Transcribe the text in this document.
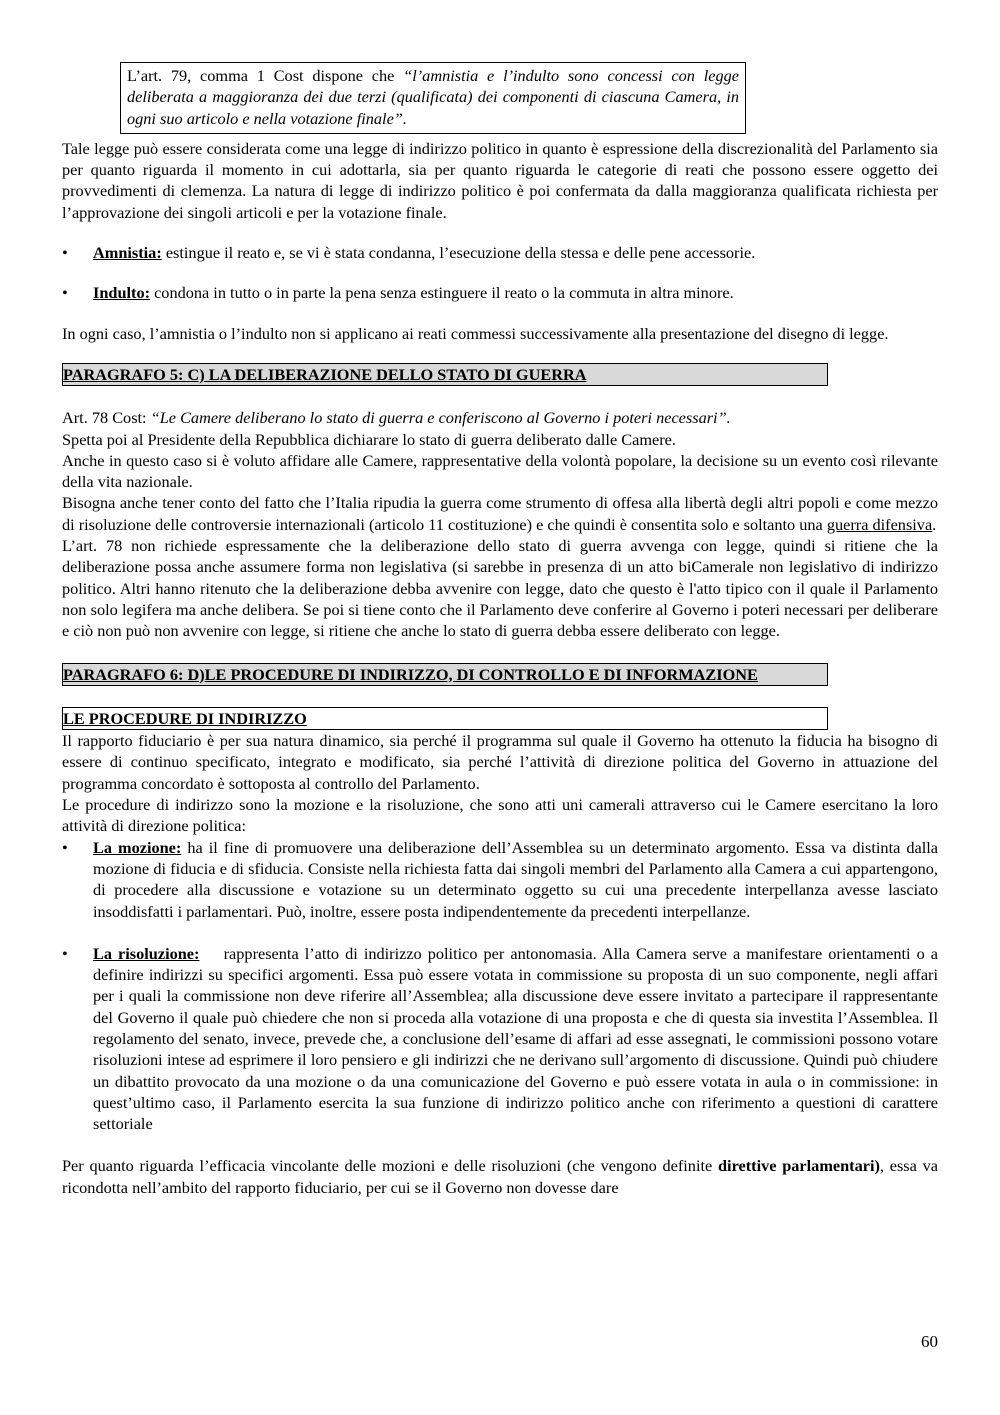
L’art. 79, comma 1 Cost dispone che “l’amnistia e l’indulto sono concessi con legge deliberata a maggioranza dei due terzi (qualificata) dei componenti di ciascuna Camera, in ogni suo articolo e nella votazione finale”.

Tale legge può essere considerata come una legge di indirizzo politico in quanto è espressione della discrezionalità del Parlamento sia per quanto riguarda il momento in cui adottarla, sia per quanto riguarda le categorie di reati che possono essere oggetto dei provvedimenti di clemenza. La natura di legge di indirizzo politico è poi confermata da dalla maggioranza qualificata richiesta per l’approvazione dei singoli articoli e per la votazione finale.

•	Amnistia: estingue il reato e, se vi è stata condanna, l’esecuzione della stessa e delle pene accessorie.
•	Indulto: condona in tutto o in parte la pena senza estinguere il reato o la commuta in altra minore.

In ogni caso, l’amnistia o l’indulto non si applicano ai reati commessi successivamente alla presentazione del disegno di legge.

PARAGRAFO 5: C) LA DELIBERAZIONE DELLO STATO DI GUERRA

Art. 78 Cost: “Le Camere deliberano lo stato di guerra e conferiscono al Governo i poteri necessari”.

Spetta poi al Presidente della Repubblica dichiarare lo stato di guerra deliberato dalle Camere.

Anche in questo caso si è voluto affidare alle Camere, rappresentative della volontà popolare, la decisione su un evento così rilevante della vita nazionale.

Bisogna anche tener conto del fatto che l’Italia ripudia la guerra come strumento di offesa alla libertà degli altri popoli e come mezzo di risoluzione delle controversie internazionali (articolo 11 costituzione) e che quindi è consentita solo e soltanto una guerra difensiva.

L’art. 78 non richiede espressamente che la deliberazione dello stato di guerra avvenga con legge, quindi si ritiene che la deliberazione possa anche assumere forma non legislativa (si sarebbe in presenza di un atto biCamerale non legislativo di indirizzo politico. Altri hanno ritenuto che la deliberazione debba avvenire con legge, dato che questo è l'atto tipico con il quale il Parlamento non solo legifera ma anche delibera. Se poi si tiene conto che il Parlamento deve conferire al Governo i poteri necessari per deliberare e ciò non può non avvenire con legge, si ritiene che anche lo stato di guerra debba essere deliberato con legge.

PARAGRAFO 6: D)LE PROCEDURE DI INDIRIZZO, DI CONTROLLO E DI INFORMAZIONE
LE PROCEDURE DI INDIRIZZO

Il rapporto fiduciario è per sua natura dinamico, sia perché il programma sul quale il Governo ha ottenuto la fiducia ha bisogno di essere di continuo specificato, integrato e modificato, sia perché l’attività di direzione politica del Governo in attuazione del programma concordato è sottoposta al controllo del Parlamento.

Le procedure di indirizzo sono la mozione e la risoluzione, che sono atti uni camerali attraverso cui le Camere esercitano la loro attività di direzione politica:

•	La mozione: ha il fine di promuovere una deliberazione dell’Assemblea su un determinato argomento. Essa va distinta dalla mozione di fiducia e di sfiducia. Consiste nella richiesta fatta dai singoli membri del Parlamento alla Camera a cui appartengono, di procedere alla discussione e votazione su un determinato oggetto su cui una precedente interpellanza avesse lasciato insoddisfatti i parlamentari. Può, inoltre, essere posta indipendentemente da precedenti interpellanze.
•	La risoluzione:    rappresenta l’atto di indirizzo politico per antonomasia. Alla Camera serve a manifestare orientamenti o a definire indirizzi su specifici argomenti. Essa può essere votata in commissione su proposta di un suo componente, negli affari per i quali la commissione non deve riferire all’Assemblea; alla discussione deve essere invitato a partecipare il rappresentante del Governo il quale può chiedere che non si proceda alla votazione di una proposta e che di questa sia investita l’Assemblea. Il regolamento del senato, invece, prevede che, a conclusione dell’esame di affari ad esse assegnati, le commissioni possono votare risoluzioni intese ad esprimere il loro pensiero e gli indirizzi che ne derivano sull’argomento di discussione. Quindi può chiudere un dibattito provocato da una mozione o da una comunicazione del Governo e può essere votata in aula o in commissione: in quest’ultimo caso, il Parlamento esercita la sua funzione di indirizzo politico anche con riferimento a questioni di carattere settoriale

Per quanto riguarda l’efficacia vincolante delle mozioni e delle risoluzioni (che vengono definite direttive parlamentari), essa va ricondotta nell’ambito del rapporto fiduciario, per cui se il Governo non dovesse dare

60
